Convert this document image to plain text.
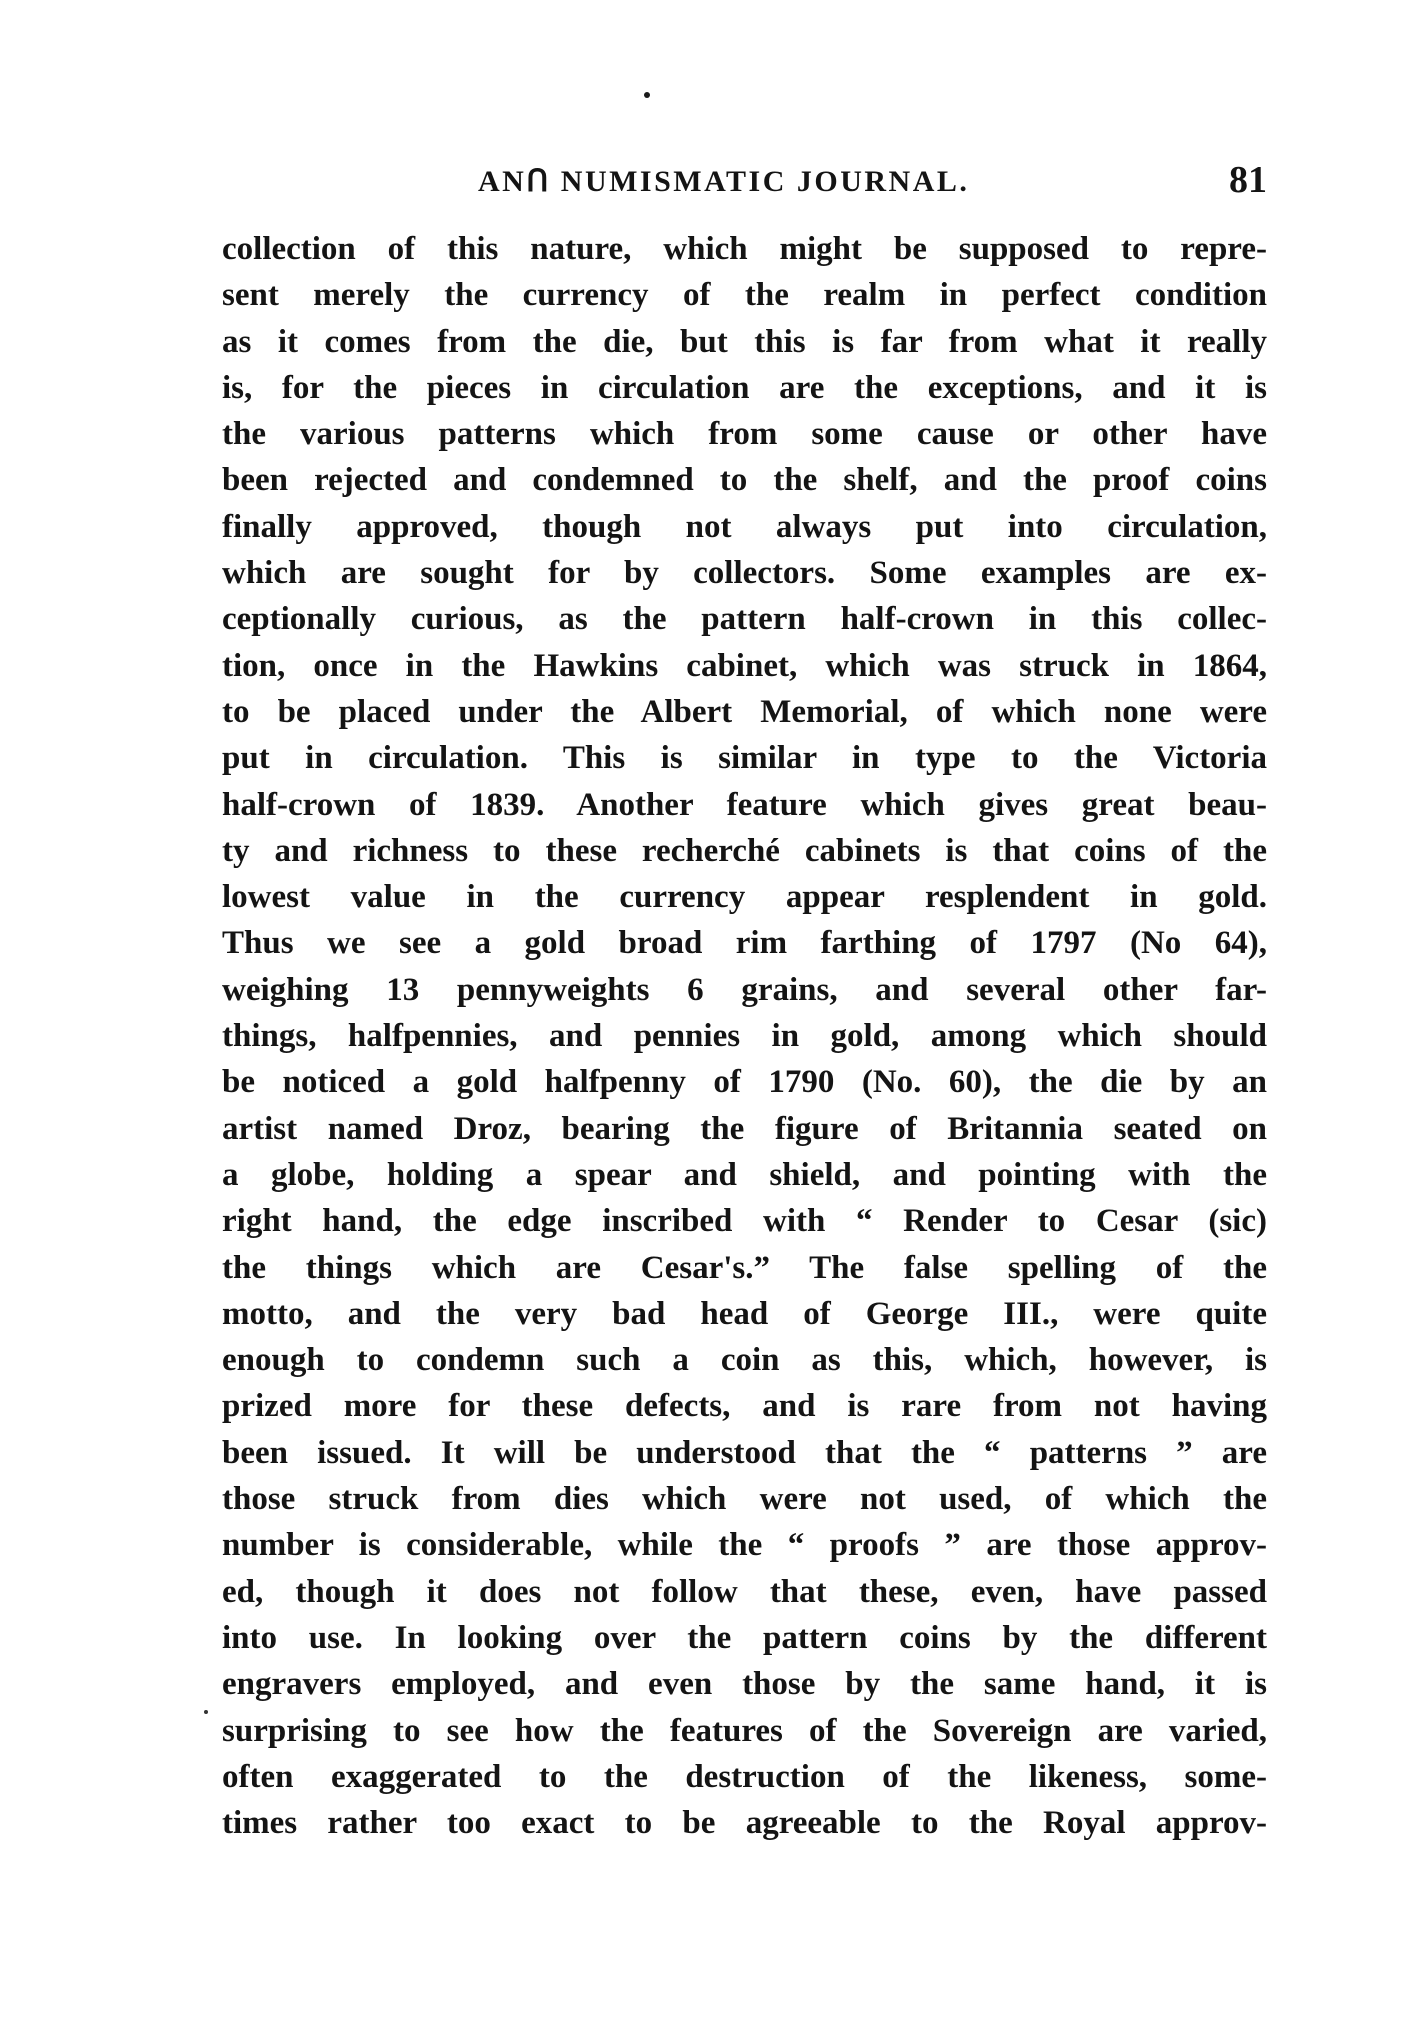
ANᑎ NUMISMATIC JOURNAL.	81
collection of this nature, which might be supposed to repre-
sent merely the currency of the realm in perfect condition
as it comes from the die, but this is far from what it really
is, for the pieces in circulation are the exceptions, and it is
the various patterns which from some cause or other have
been rejected and condemned to the shelf, and the proof coins
finally approved, though not always put into circulation,
which are sought for by collectors. Some examples are ex-
ceptionally curious, as the pattern half-crown in this collec-
tion, once in the Hawkins cabinet, which was struck in 1864,
to be placed under the Albert Memorial, of which none were
put in circulation. This is similar in type to the Victoria
half-crown of 1839. Another feature which gives great beau-
ty and richness to these recherché cabinets is that coins of the
lowest value in the currency appear resplendent in gold.
Thus we see a gold broad rim farthing of 1797 (No 64),
weighing 13 pennyweights 6 grains, and several other far-
things, halfpennies, and pennies in gold, among which should
be noticed a gold halfpenny of 1790 (No. 60), the die by an
artist named Droz, bearing the figure of Britannia seated on
a globe, holding a spear and shield, and pointing with the
right hand, the edge inscribed with “ Render to Cesar (sic)
the things which are Cesar's.” The false spelling of the
motto, and the very bad head of George III., were quite
enough to condemn such a coin as this, which, however, is
prized more for these defects, and is rare from not having
been issued. It will be understood that the “ patterns ” are
those struck from dies which were not used, of which the
number is considerable, while the “ proofs ” are those approv-
ed, though it does not follow that these, even, have passed
into use. In looking over the pattern coins by the different
engravers employed, and even those by the same hand, it is
surprising to see how the features of the Sovereign are varied,
often exaggerated to the destruction of the likeness, some-
times rather too exact to be agreeable to the Royal approv-
